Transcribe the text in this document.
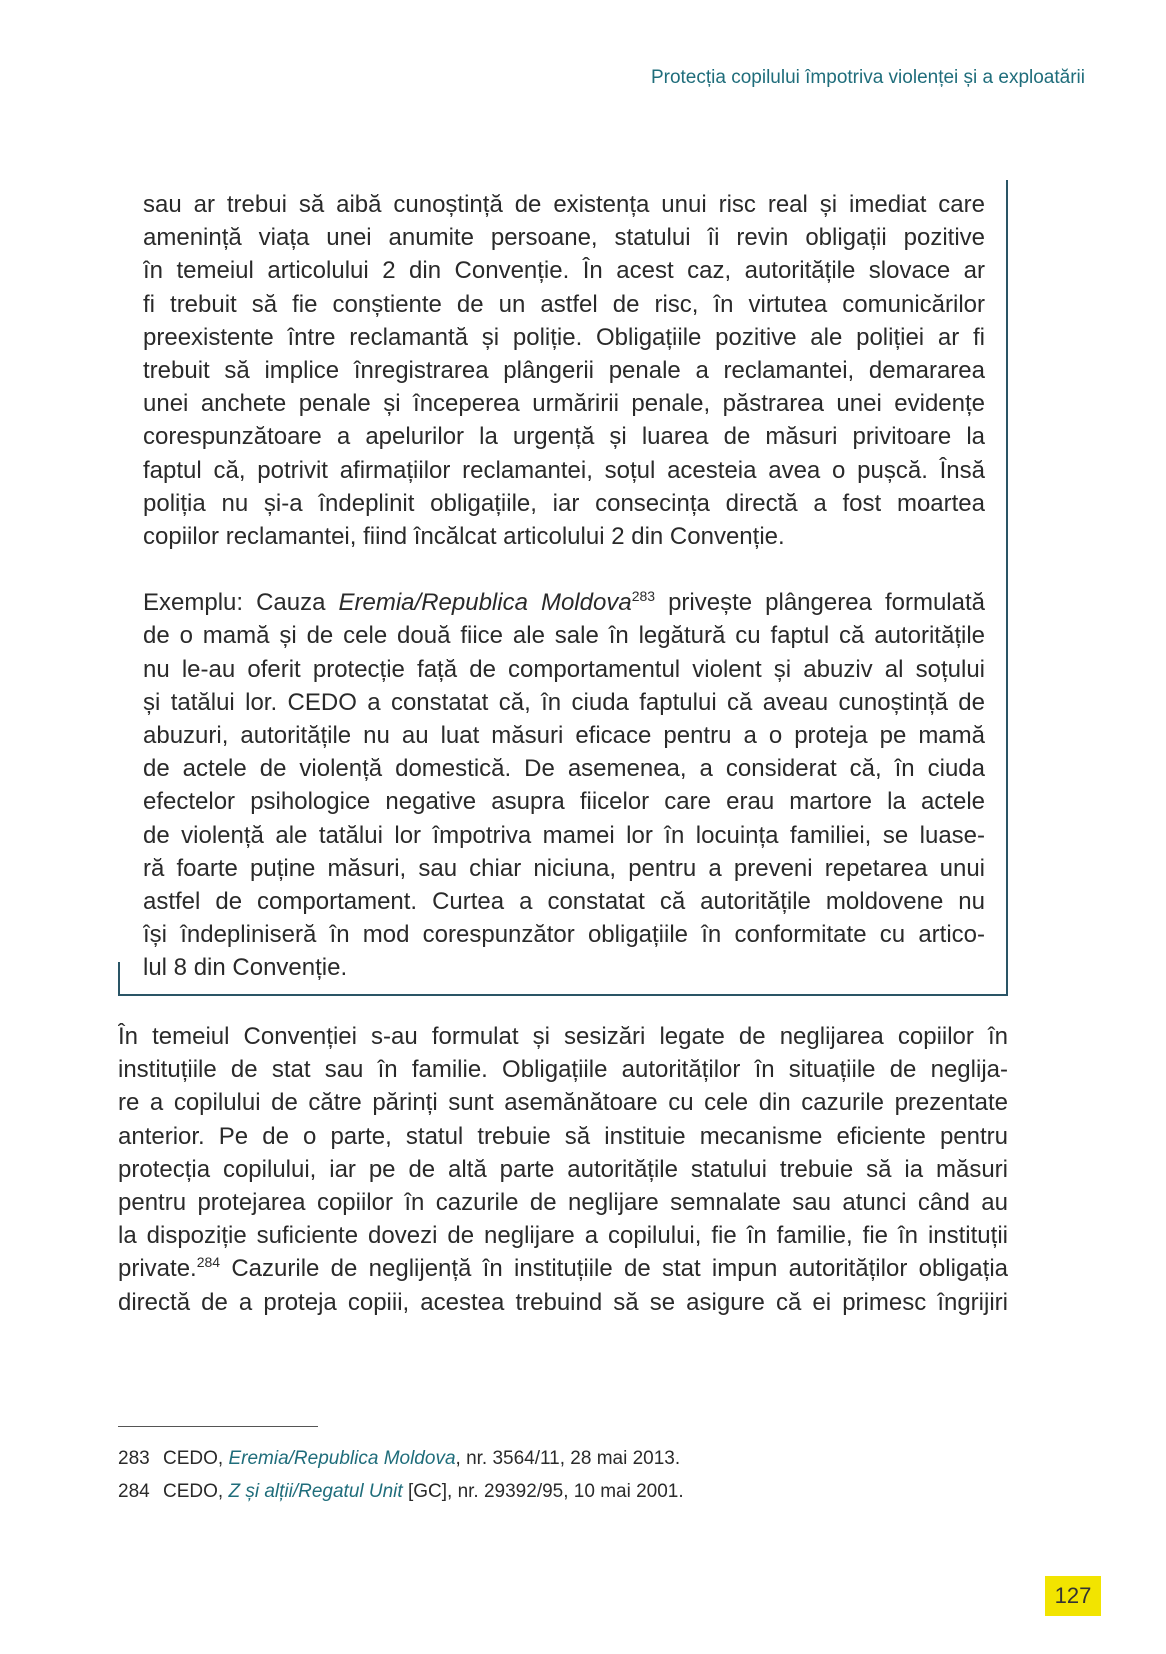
Protecția copilului împotriva violenței și a exploatării
sau ar trebui să aibă cunoștință de existența unui risc real și imediat care
amenință viața unei anumite persoane, statului îi revin obligații pozitive
în temeiul articolului 2 din Convenție. În acest caz, autoritățile slovace ar
fi trebuit să fie conștiente de un astfel de risc, în virtutea comunicărilor
preexistente între reclamantă și poliție. Obligațiile pozitive ale poliției ar fi
trebuit să implice înregistrarea plângerii penale a reclamantei, demararea
unei anchete penale și începerea urmăririi penale, păstrarea unei evidențe
corespunzătoare a apelurilor la urgență și luarea de măsuri privitoare la
faptul că, potrivit afirmațiilor reclamantei, soțul acesteia avea o pușcă. Însă
poliția nu și-a îndeplinit obligațiile, iar consecința directă a fost moartea
copiilor reclamantei, fiind încălcat articolului 2 din Convenție.
Exemplu: Cauza Eremia/Republica Moldova$^{283}$ privește plângerea formulată
de o mamă și de cele două fiice ale sale în legătură cu faptul că autoritățile
nu le-au oferit protecție față de comportamentul violent și abuziv al soțului
și tatălui lor. CEDO a constatat că, în ciuda faptului că aveau cunoștință de
abuzuri, autoritățile nu au luat măsuri eficace pentru a o proteja pe mamă
de actele de violență domestică. De asemenea, a considerat că, în ciuda
efectelor psihologice negative asupra fiicelor care erau martore la actele
de violență ale tatălui lor împotriva mamei lor în locuința familiei, se luase-
ră foarte puține măsuri, sau chiar niciuna, pentru a preveni repetarea unui
astfel de comportament. Curtea a constatat că autoritățile moldovene nu
își îndepliniseră în mod corespunzător obligațiile în conformitate cu artico-
lul 8 din Convenție.
În temeiul Convenției s-au formulat și sesizări legate de neglijarea copiilor în
instituțiile de stat sau în familie. Obligațiile autorităților în situațiile de neglija-
re a copilului de către părinți sunt asemănătoare cu cele din cazurile prezentate
anterior. Pe de o parte, statul trebuie să instituie mecanisme eficiente pentru
protecția copilului, iar pe de altă parte autoritățile statului trebuie să ia măsuri
pentru protejarea copiilor în cazurile de neglijare semnalate sau atunci când au
la dispoziție suficiente dovezi de neglijare a copilului, fie în familie, fie în instituții
private.$^{284}$ Cazurile de neglijență în instituțiile de stat impun autorităților obligația
directă de a proteja copiii, acestea trebuind să se asigure că ei primesc îngrijiri
283 CEDO, Eremia/Republica Moldova, nr. 3564/11, 28 mai 2013.
284 CEDO, Z și alții/Regatul Unit [GC], nr. 29392/95, 10 mai 2001.
127
